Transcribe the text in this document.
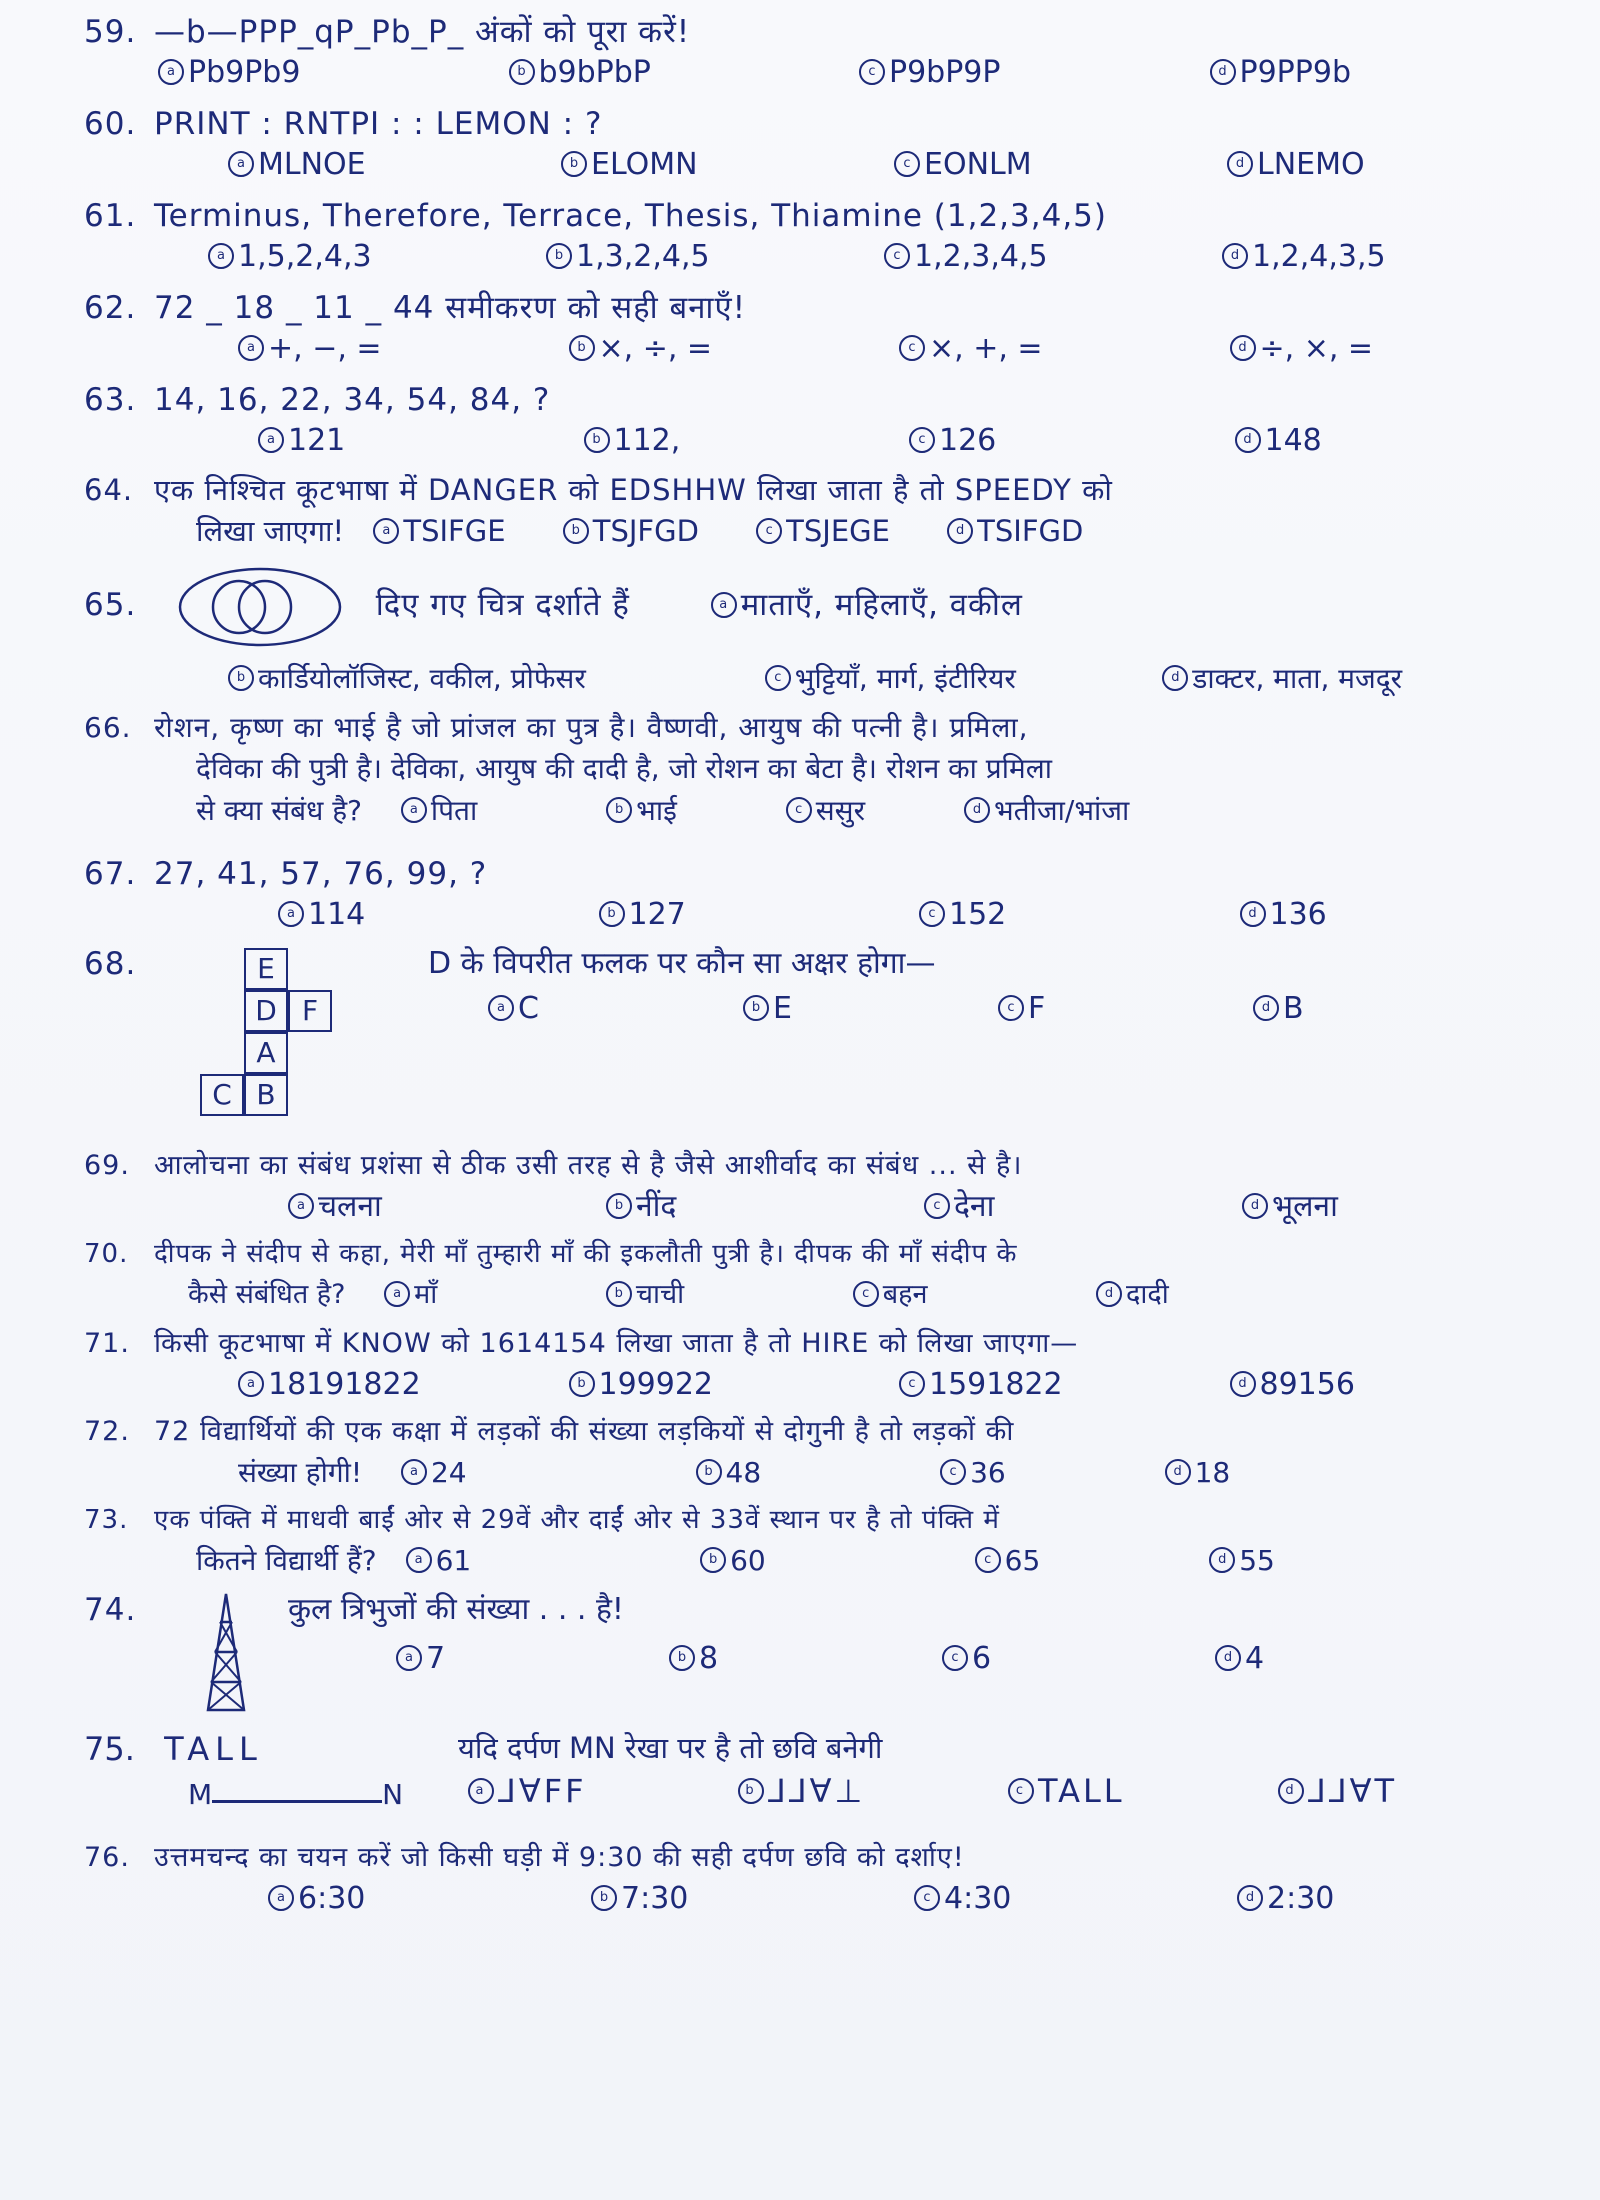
59. —b—PPP_qP_Pb_P_ अंकों को पूरा करें!
a Pb9Pb9	b b9bPbP	c P9bP9P	d P9PP9b
60. PRINT : RNTPI : : LEMON : ?
a MLNOE	b ELOMN	c EONLM	d LNEMO
61. Terminus, Therefore, Terrace, Thesis, Thiamine (1,2,3,4,5)
a 1,5,2,4,3	b 1,3,2,4,5	c 1,2,3,4,5	d 1,2,4,3,5
62. 72 _ 18 _ 11 _ 44 समीकरण को सही बनाएँ!
a +, −, =	b ×, ÷, =	c ×, +, =	d ÷, ×, =
63. 14, 16, 22, 34, 54, 84, ?
a 121	b 112,	c 126	d 148
64. एक निश्चित कूटभाषा में DANGER को EDSHHW लिखा जाता है तो SPEEDY को
लिखा जाएगा!	a TSIFGE	b TSJFGD	c TSJEGE	d TSIFGD
65.	दिए गए चित्र दर्शाते हैं	a माताएँ, महिलाएँ, वकील
b कार्डियोलॉजिस्ट, वकील, प्रोफेसर	c भुट्टियाँ, मार्ग, इंटीरियर	d डाक्टर, माता, मजदूर
66. रोशन, कृष्ण का भाई है जो प्रांजल का पुत्र है। वैष्णवी, आयुष की पत्नी है। प्रमिला,
देविका की पुत्री है। देविका, आयुष की दादी है, जो रोशन का बेटा है। रोशन का प्रमिला
से क्या संबंध है?	a पिता	b भाई	c ससुर	d भतीजा/भांजा
67. 27, 41, 57, 76, 99, ?
a 114	b 127	c 152	d 136
68.	E
D F
A
C B
D के विपरीत फलक पर कौन सा अक्षर होगा—
a C	b E	c F	d B
69. आलोचना का संबंध प्रशंसा से ठीक उसी तरह से है जैसे आशीर्वाद का संबंध ... से है।
a चलना	b नींद	c देना	d भूलना
70. दीपक ने संदीप से कहा, मेरी माँ तुम्हारी माँ की इकलौती पुत्री है। दीपक की माँ संदीप के
कैसे संबंधित है?	a माँ	b चाची	c बहन	d दादी
71. किसी कूटभाषा में KNOW को 1614154 लिखा जाता है तो HIRE को लिखा जाएगा—
a 18191822	b 199922	c 1591822	d 89156
72. 72 विद्यार्थियों की एक कक्षा में लड़कों की संख्या लड़कियों से दोगुनी है तो लड़कों की
संख्या होगी!	a 24	b 48	c 36	d 18
73. एक पंक्ति में माधवी बाईं ओर से 29वें और दाईं ओर से 33वें स्थान पर है तो पंक्ति में
कितने विद्यार्थी हैं?	a 61	b 60	c 65	d 55
74.	कुल त्रिभुजों की संख्या . . . है!
a 7	b 8	c 6	d 4
75. TALL	यदि दर्पण MN रेखा पर है तो छवि बनेगी
M	N	a ⅃ⱯFF	b ⅃⅃Ɐ⊥	c TALL	d ⅃⅃ⱯT
76. उत्तमचन्द का चयन करें जो किसी घड़ी में 9:30 की सही दर्पण छवि को दर्शाए!
a 6:30	b 7:30	c 4:30	d 2:30
